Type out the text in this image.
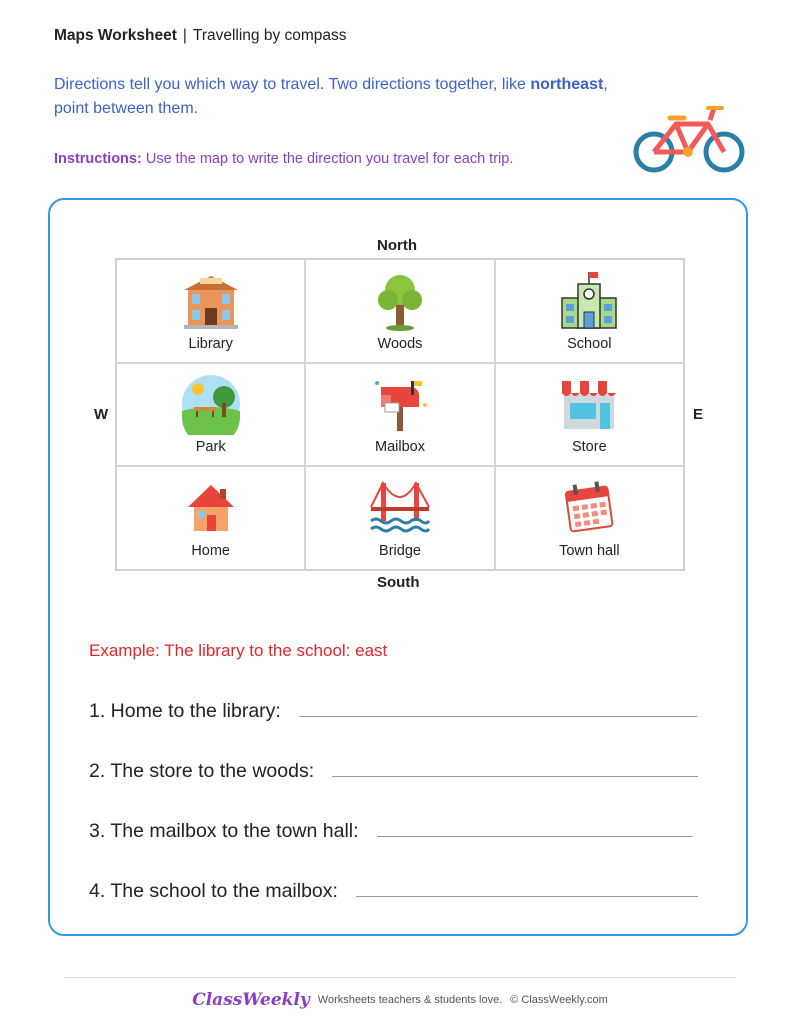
Maps Worksheet | Travelling by compass
Directions tell you which way to travel. Two directions together, like northeast, point between them.
Instructions: Use the map to write the direction you travel for each trip.
North
South
W	E
Library	Woods	School
Park	Mailbox	Store
Home	Bridge	Town hall
Example: The library to the school: east
1. Home to the library:
2. The store to the woods:
3. The mailbox to the town hall:
4. The school to the mailbox:
ClassWeekly Worksheets teachers & students love. © ClassWeekly.com
